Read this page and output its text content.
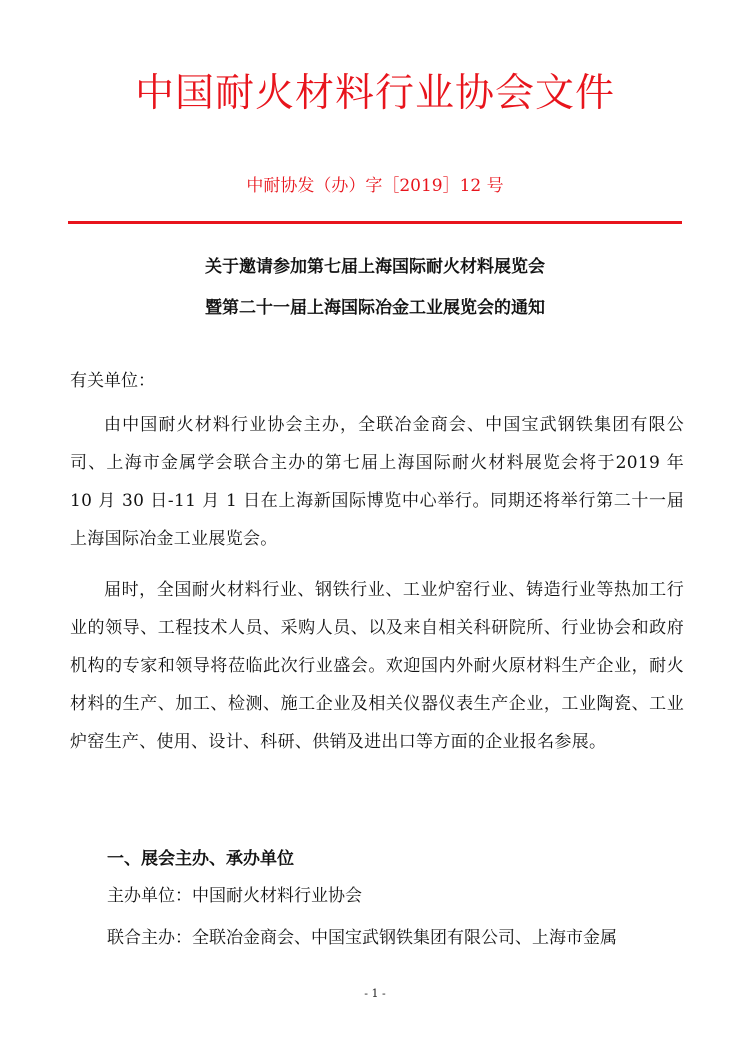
中国耐火材料行业协会文件
中耐协发（办）字［2019］12 号
关于邀请参加第七届上海国际耐火材料展览会
暨第二十一届上海国际冶金工业展览会的通知
有关单位：
由中国耐火材料行业协会主办，全联冶金商会、中国宝武钢铁集团有限公司、上海市金属学会联合主办的第七届上海国际耐火材料展览会将于2019 年 10 月 30 日-11 月 1 日在上海新国际博览中心举行。同期还将举行第二十一届上海国际冶金工业展览会。
届时，全国耐火材料行业、钢铁行业、工业炉窑行业、铸造行业等热加工行业的领导、工程技术人员、采购人员、以及来自相关科研院所、行业协会和政府机构的专家和领导将莅临此次行业盛会。欢迎国内外耐火原材料生产企业，耐火材料的生产、加工、检测、施工企业及相关仪器仪表生产企业，工业陶瓷、工业炉窑生产、使用、设计、科研、供销及进出口等方面的企业报名参展。
一、展会主办、承办单位
主办单位：中国耐火材料行业协会
联合主办：全联冶金商会、中国宝武钢铁集团有限公司、上海市金属
- 1 -
